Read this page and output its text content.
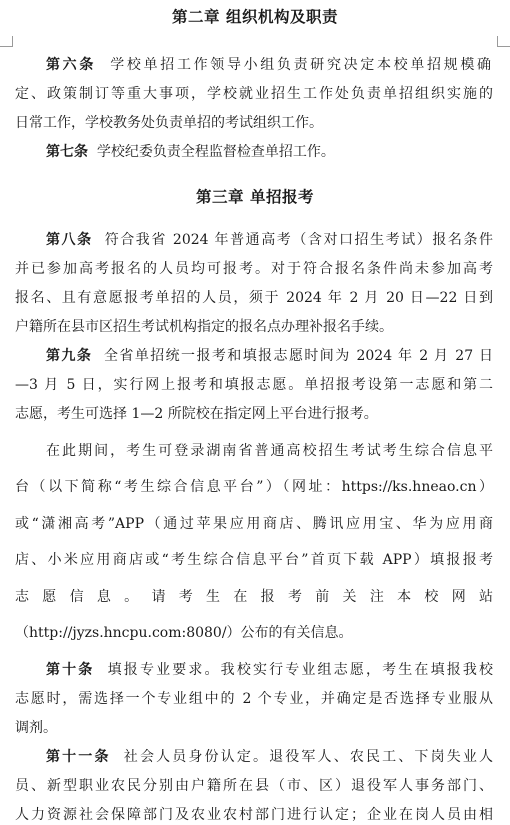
第二章 组织机构及职责
第六条 学校单招工作领导小组负责研究决定本校单招规模确
定、政策制订等重大事项，学校就业招生工作处负责单招组织实施的
日常工作，学校教务处负责单招的考试组织工作。
第七条 学校纪委负责全程监督检查单招工作。
第三章 单招报考
第八条 符合我省 2024 年普通高考（含对口招生考试）报名条件
并已参加高考报名的人员均可报考。对于符合报名条件尚未参加高考
报名、且有意愿报考单招的人员，须于 2024 年 2 月 20 日—22 日到
户籍所在县市区招生考试机构指定的报名点办理补报名手续。
第九条 全省单招统一报考和填报志愿时间为 2024 年 2 月 27 日
—3 月 5 日，实行网上报考和填报志愿。单招报考设第一志愿和第二
志愿，考生可选择 1—2 所院校在指定网上平台进行报考。
在此期间，考生可登录湖南省普通高校招生考试考生综合信息平
台（以下简称“考生综合信息平台”）（网址：https://ks.hneao.cn）
或“潇湘高考”APP（通过苹果应用商店、腾讯应用宝、华为应用商
店、小米应用商店或“考生综合信息平台”首页下载 APP）填报报考
志 愿 信 息 。 请 考 生 在 报 考 前 关 注 本 校 网 站
（http://jyzs.hncpu.com:8080/）公布的有关信息。
第十条 填报专业要求。我校实行专业组志愿，考生在填报我校
志愿时，需选择一个专业组中的 2 个专业，并确定是否选择专业服从
调剂。
第十一条 社会人员身份认定。退役军人、农民工、下岗失业人
员、新型职业农民分别由户籍所在县（市、区）退役军人事务部门、
人力资源社会保障部门及农业农村部门进行认定；企业在岗人员由相
